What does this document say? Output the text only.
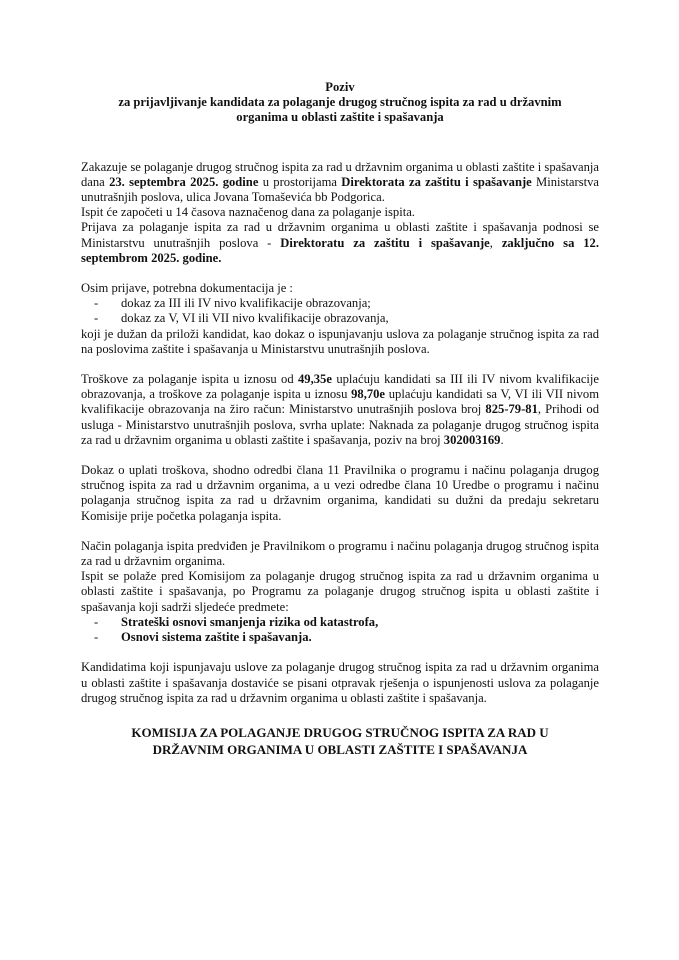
Poziv

za prijavljivanje kandidata za polaganje drugog stručnog ispita za rad u državnim

organima u oblasti zaštite i spašavanja

Zakazuje se polaganje drugog stručnog ispita za rad u državnim organima u oblasti zaštite i spašavanja dana 23. septembra 2025. godine u prostorijama Direktorata za zaštitu i spašavanje Ministarstva unutrašnjih poslova, ulica Jovana Tomaševića bb Podgorica.

Ispit će započeti u 14 časova naznačenog dana za polaganje ispita.

Prijava za polaganje ispita za rad u državnim organima u oblasti zaštite i spašavanja podnosi se Ministarstvu unutrašnjih poslova - Direktoratu za zaštitu i spašavanje, zaključno sa 12. septembrom 2025. godine.

Osim prijave, potrebna dokumentacija je :

- dokaz za III ili IV nivo kvalifikacije obrazovanja;
- dokaz za V, VI ili VII nivo kvalifikacije obrazovanja,

koji je dužan da priloži kandidat, kao dokaz o ispunjavanju uslova za polaganje stručnog ispita za rad na poslovima zaštite i spašavanja u Ministarstvu unutrašnjih poslova.

Troškove za polaganje ispita u iznosu od 49,35e uplaćuju kandidati sa III ili IV nivom kvalifikacije obrazovanja, a troškove za polaganje ispita u iznosu 98,70e uplaćuju kandidati sa V, VI ili VII nivom kvalifikacije obrazovanja na žiro račun: Ministarstvo unutrašnjih poslova broj 825-79-81, Prihodi od usluga - Ministarstvo unutrašnjih poslova, svrha uplate: Naknada za polaganje drugog stručnog ispita za rad u državnim organima u oblasti zaštite i spašavanja, poziv na broj 302003169.

Dokaz o uplati troškova, shodno odredbi člana 11 Pravilnika o programu i načinu polaganja drugog stručnog ispita za rad u državnim organima, a u vezi odredbe člana 10 Uredbe o programu i načinu polaganja stručnog ispita za rad u državnim organima, kandidati su dužni da predaju sekretaru Komisije prije početka polaganja ispita.

Način polaganja ispita predviđen je Pravilnikom o programu i načinu polaganja drugog stručnog ispita za rad u državnim organima.

Ispit se polaže pred Komisijom za polaganje drugog stručnog ispita za rad u državnim organima u oblasti zaštite i spašavanja, po Programu za polaganje drugog stručnog ispita u oblasti zaštite i spašavanja koji sadrži sljedeće predmete:

- Strateški osnovi smanjenja rizika od katastrofa,
- Osnovi sistema zaštite i spašavanja.

Kandidatima koji ispunjavaju uslove za polaganje drugog stručnog ispita za rad u državnim organima u oblasti zaštite i spašavanja dostaviće se pisani otpravak rješenja o ispunjenosti uslova za polaganje drugog stručnog ispita za rad u državnim organima u oblasti zaštite i spašavanja.

KOMISIJA ZA POLAGANJE DRUGOG STRUČNOG ISPITA ZA RAD U
DRŽAVNIM ORGANIMA U OBLASTI ZAŠTITE I SPAŠAVANJA
